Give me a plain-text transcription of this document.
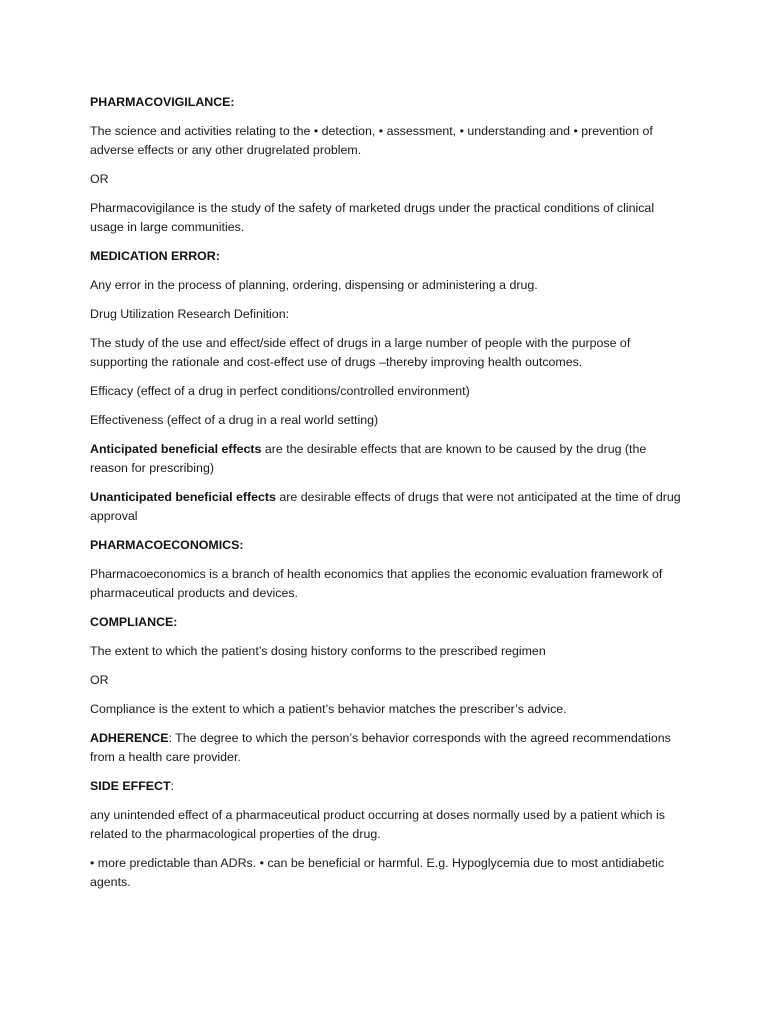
PHARMACOVIGILANCE:

The science and activities relating to the • detection, • assessment, • understanding and • prevention of adverse effects or any other drugrelated problem.

OR

Pharmacovigilance is the study of the safety of marketed drugs under the practical conditions of clinical usage in large communities.

MEDICATION ERROR:

Any error in the process of planning, ordering, dispensing or administering a drug.

Drug Utilization Research Definition:

The study of the use and effect/side effect of drugs in a large number of people with the purpose of supporting the rationale and cost-effect use of drugs –thereby improving health outcomes.

Efficacy (effect of a drug in perfect conditions/controlled environment)

Effectiveness (effect of a drug in a real world setting)

Anticipated beneficial effects are the desirable effects that are known to be caused by the drug (the reason for prescribing)

Unanticipated beneficial effects are desirable effects of drugs that were not anticipated at the time of drug approval

PHARMACOECONOMICS:

Pharmacoeconomics is a branch of health economics that applies the economic evaluation framework of pharmaceutical products and devices.

COMPLIANCE:

The extent to which the patient’s dosing history conforms to the prescribed regimen

OR

Compliance is the extent to which a patient’s behavior matches the prescriber’s advice.

ADHERENCE: The degree to which the person’s behavior corresponds with the agreed recommendations from a health care provider.

SIDE EFFECT:

any unintended effect of a pharmaceutical product occurring at doses normally used by a patient which is related to the pharmacological properties of the drug.

• more predictable than ADRs. • can be beneficial or harmful. E.g. Hypoglycemia due to most antidiabetic agents.
